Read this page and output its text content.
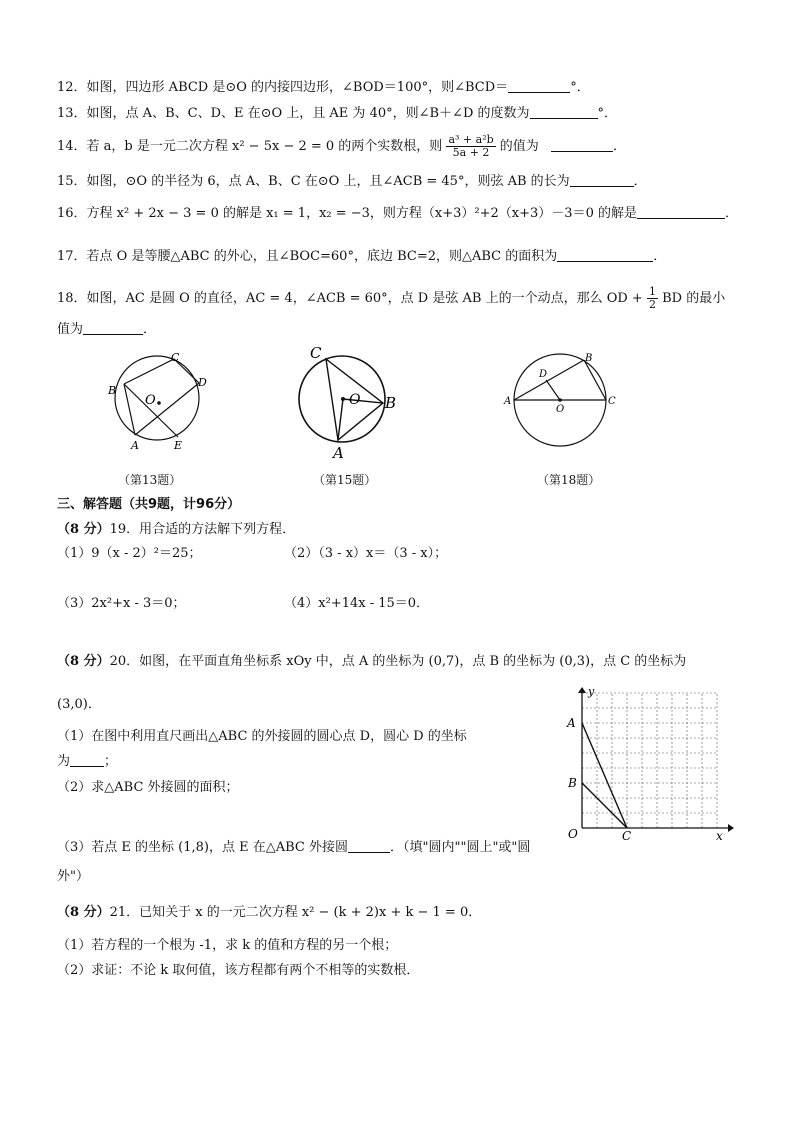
12．如图，四边形 ABCD 是⊙O 的内接四边形，∠BOD＝100°，则∠BCD＝	°．
13．如图，点 A、B、C、D、E 在⊙O 上，且 AE 为 40°，则∠B＋∠D 的度数为	°．
14．若 a，b 是一元二次方程 x² − 5x − 2 = 0 的两个实数根，则 $\frac{\text{a³ + a²b}}{5a + 2}$ 的值为	．
15．如图，⊙O 的半径为 6，点 A、B、C 在⊙O 上，且∠ACB = 45°，则弦 AB 的长为	．
16．方程 x² + 2x − 3 = 0 的解是 x₁ = 1，x₂ = −3，则方程（x+3）²+2（x+3）－3＝0 的解是	．
17．若点 O 是等腰△ABC 的外心，且∠BOC=60°，底边 BC=2，则△ABC 的面积为	．
18．如图，AC 是圆 O 的直径，AC = 4，∠ACB = 60°，点 D 是弦 AB 上的一个动点，那么 OD + $\frac{1}{2}$ BD 的最小
值为	．
C
D
B
O
A	E
C
O B
A
B
D
A
O
C
（第13题）	（第15题）	（第18题）
三、解答题（共9题，计96分）
（8 分）19．用合适的方法解下列方程．
（1）9（x - 2）²＝25；	（2）（3 - x）x＝（3 - x）；
（3）2x²+x - 3＝0；	（4）x²+14x - 15＝0．
（8 分）20．如图，在平面直角坐标系 xOy 中，点 A 的坐标为 (0,7)，点 B 的坐标为 (0,3)，点 C 的坐标为
(3,0)．
（1）在图中利用直尺画出△ABC 的外接圆的圆心点 D，圆心 D 的坐标
为	；
（2）求△ABC 外接圆的面积；
（3）若点 E 的坐标 (1,8)，点 E 在△ABC 外接圆	．（填"圆内""圆上"或"圆
外"）
y
A
B
O	C	x
（8 分）21．已知关于 x 的一元二次方程 x² − (k + 2)x + k − 1 = 0．
（1）若方程的一个根为 -1，求 k 的值和方程的另一个根；
（2）求证：不论 k 取何值，该方程都有两个不相等的实数根．
